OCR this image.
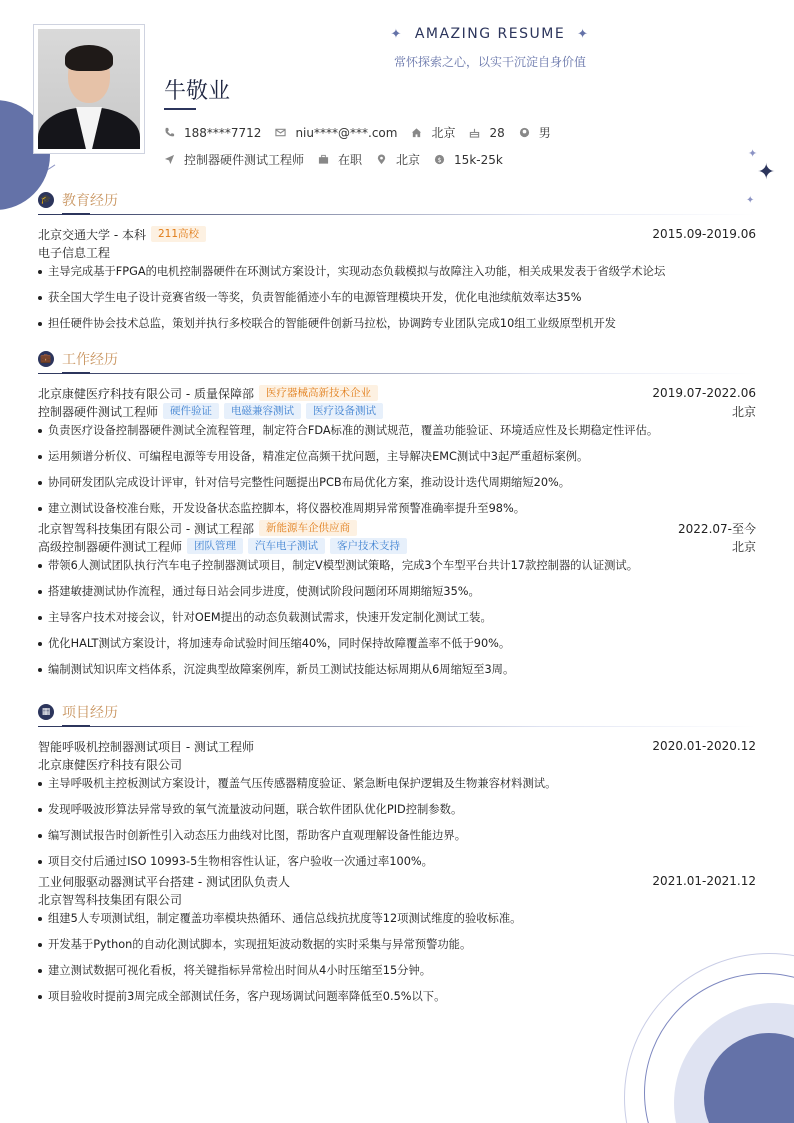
✦ AMAZING RESUME ✦
常怀探索之心，以实干沉淀自身价值
牛敬业
188****7712	niu****@***.com	北京	28	男
控制器硬件测试工程师	在职	北京 $ 15k-25k	✦
✦
✦
🎓 教育经历
北京交通大学 - 本科	211高校	2015.09-2019.06
电子信息工程
主导完成基于FPGA的电机控制器硬件在环测试方案设计，实现动态负载模拟与故障注入功能，相关成果发表于省级学术论坛
获全国大学生电子设计竞赛省级一等奖，负责智能循迹小车的电源管理模块开发，优化电池续航效率达35%
担任硬件协会技术总监，策划并执行多校联合的智能硬件创新马拉松，协调跨专业团队完成10组工业级原型机开发
💼 工作经历
北京康健医疗科技有限公司 - 质量保障部	医疗器械高新技术企业	2019.07-2022.06
控制器硬件测试工程师	硬件验证	电磁兼容测试	医疗设备测试	北京
负责医疗设备控制器硬件测试全流程管理，制定符合FDA标准的测试规范，覆盖功能验证、环境适应性及长期稳定性评估。
运用频谱分析仪、可编程电源等专用设备，精准定位高频干扰问题，主导解决EMC测试中3起严重超标案例。
协同研发团队完成设计评审，针对信号完整性问题提出PCB布局优化方案，推动设计迭代周期缩短20%。
建立测试设备校准台账，开发设备状态监控脚本，将仪器校准周期异常预警准确率提升至98%。
北京智驾科技集团有限公司 - 测试工程部	新能源车企供应商	2022.07-至今
高级控制器硬件测试工程师	团队管理	汽车电子测试	客户技术支持	北京
带领6人测试团队执行汽车电子控制器测试项目，制定V模型测试策略，完成3个车型平台共计17款控制器的认证测试。
搭建敏捷测试协作流程，通过每日站会同步进度，使测试阶段问题闭环周期缩短35%。
主导客户技术对接会议，针对OEM提出的动态负载测试需求，快速开发定制化测试工装。
优化HALT测试方案设计，将加速寿命试验时间压缩40%，同时保持故障覆盖率不低于90%。
编制测试知识库文档体系，沉淀典型故障案例库，新员工测试技能达标周期从6周缩短至3周。
▦ 项目经历
智能呼吸机控制器测试项目 - 测试工程师	2020.01-2020.12
北京康健医疗科技有限公司
主导呼吸机主控板测试方案设计，覆盖气压传感器精度验证、紧急断电保护逻辑及生物兼容材料测试。
发现呼吸波形算法异常导致的氧气流量波动问题，联合软件团队优化PID控制参数。
编写测试报告时创新性引入动态压力曲线对比图，帮助客户直观理解设备性能边界。
项目交付后通过ISO 10993-5生物相容性认证，客户验收一次通过率100%。
工业伺服驱动器测试平台搭建 - 测试团队负责人	2021.01-2021.12
北京智驾科技集团有限公司
组建5人专项测试组，制定覆盖功率模块热循环、通信总线抗扰度等12项测试维度的验收标准。
开发基于Python的自动化测试脚本，实现扭矩波动数据的实时采集与异常预警功能。
建立测试数据可视化看板，将关键指标异常检出时间从4小时压缩至15分钟。
项目验收时提前3周完成全部测试任务，客户现场调试问题率降低至0.5%以下。
